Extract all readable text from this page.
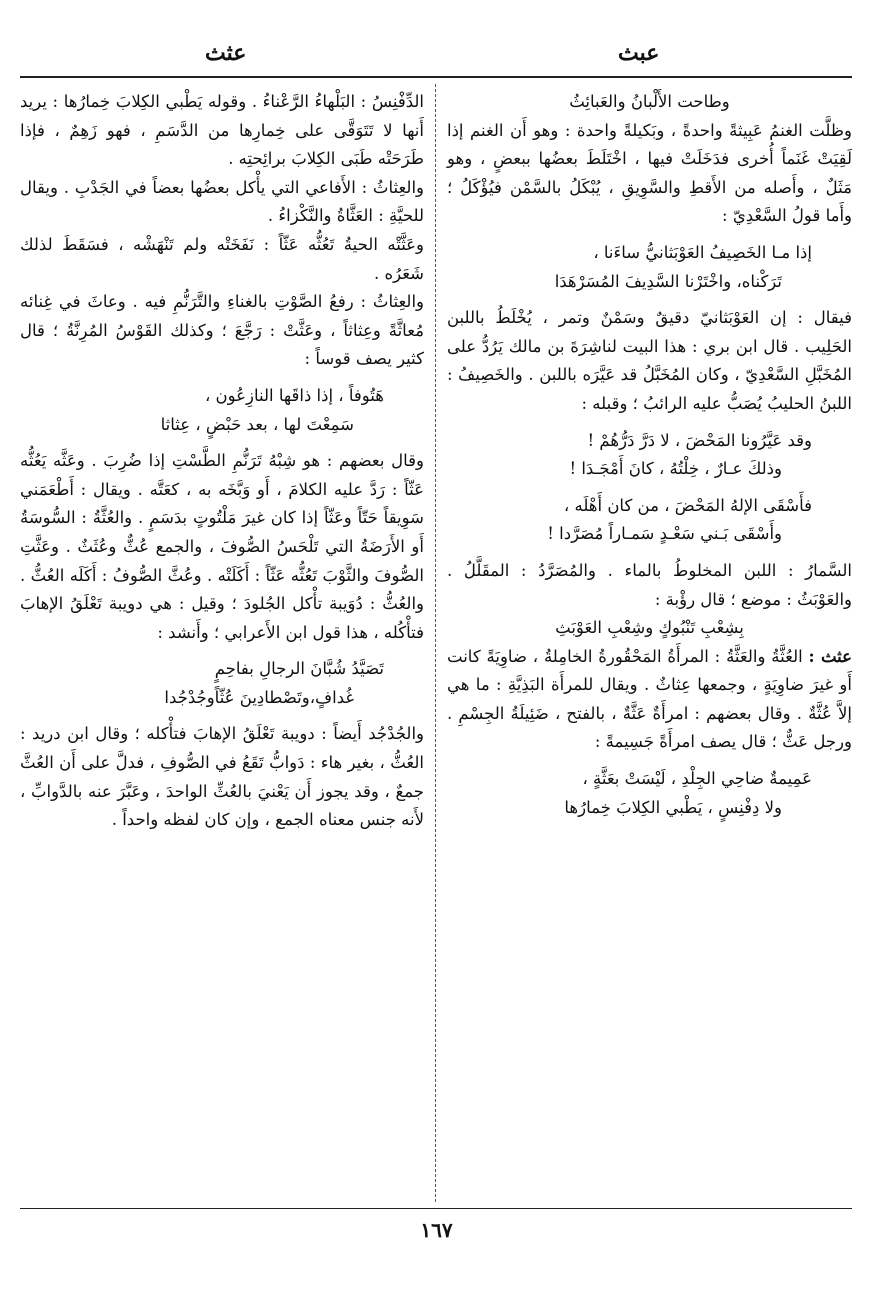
عبث
عثث

وطاحت الأَلْبانُ والعَبائِثُ

وظلَّت الغنمُ عَبِيثةً واحدةً ، وبَكيلةً واحدة : وهو أَن الغنم إذا لَقِيَتْ غَنَماً أُخرى فدَخَلَتْ فيها ، اخْتَلَطَ بعضُها ببعضٍ ، وهو مَثَلٌ ، وأَصله من الأَقطِ والسَّوِيقِ ، يُبْكَلُ بالسَّمْن فيُؤْكَلُ ؛ وأَما قولُ السَّعْدِيّ :

إذا مـا الخَصِيفُ العَوْبَثانيُّ ساءَنا ،
تَرَكْناه، واخْتَرْنا السَّدِيفَ المُسَرْهَدَا

فيقال : إن العَوْبَثانيّ دقيقٌ وسَمْنٌ وتمر ، يُخْلَطُ باللبن الحَلِيب . قال ابن بري : هذا البيت لناشِرَةَ بن مالك يَرُدُّ على المُخَبَّلِ السَّعْدِيّ ، وكان المُخَبَّلُ قد عَيَّرَه باللبن . والخَصِيفُ : اللبنُ الحليبُ يُصَبُّ عليه الرائبُ ؛ وقبله :

وقد عَيَّرُونا المَحْضَ ، لا دَرَّ دَرُّهُمْ !
وذلكَ عـارٌ ، خِلْتُهُ ، كانَ أَمْجَـدَا !
فأَسْقَى الإلهُ المَحْضَ ، من كان أَهْلَه ،
وأَسْقَى بَـني سَعْـدٍ سَمـاراً مُصَرَّدا !

السَّمارُ : اللبن المخلوطُ بالماء . والمُصَرَّدُ : المقَلَّلُ . والعَوْبَثُ : موضع ؛ قال رؤْبة :

بِشِعْبِ تَنْبُوكٍ وشِعْبِ العَوْبَثِ

عثث : العُثَّةُ والعَثَّةُ : المرأَةُ المَحْقُورةُ الخامِلةُ ، ضاوِيَةً كانت أَو غيرَ ضاوِيَةٍ ، وجمعها عِثاثٌ . ويقال للمرأَة البَذِيَّةِ : ما هي إلاَّ عُثَّةٌ . وقال بعضهم : امرأَةٌ عَثَّةٌ ، بالفتح ، ضَئِيلَةُ الجِسْمِ . ورجل عَثٌّ ؛ قال يصف امرأَةً جَسِيمةً :

عَمِيمةٌ ضاحِي الجِلْدِ ، لَيْسَتْ بعَثَّةٍ ،
ولا دِفْنِسٍ ، يَطْبي الكِلابَ خِمارُها

الدِّفْنِسُ : البَلْهاءُ الرَّعْناءُ . وقوله يَطْبي الكِلابَ خِمارُها : يريد أَنها لا تَتَوَقَّى على خِمارِها من الدَّسَمِ ، فهو زَهِمٌ ، فإذا طَرَحَتْه طَبَى الكِلابَ برائِحتِه .

والعِثاثُ : الأَفاعي التي يأْكل بعضُها بعضاً في الجَدْبِ . ويقال للحيَّةِ : العَثَّاةُ والنَّكْزاءُ .

وعَثَّتْه الحيةُ تَعُثُّه عَثّاً : نَفَخَتْه ولم تَنْهَشْه ، فسَقَطَ لذلك شَعَرُه .

والعِثاثُ : رفعُ الصَّوْتِ بالغناءِ والتَّرَنُّمِ فيه . وعاثَ في غِنائه مُعاثَّةً وعِثاثاً ، وعَثَّتْ : رَجَّعَ ؛ وكذلك القَوْسُ المُرِنَّةُ ؛ قال كثير يصف قوساً :

هَتُوفاً ، إذا ذاقَها النازِعُون ،
سَمِعْتَ لها ، بعد حَبْضٍ ، عِثاثا

وقال بعضهم : هو شِبْهُ تَرَنُّمِ الطَّسْتِ إذا ضُرِبَ . وعَثَّه يَعُثُّه عَثّاً : رَدَّ عليه الكلامَ ، أَو وَبَّخَه به ، كعَتَّه . ويقال : أَطْعَمَني سَوِيقاً حَتّاً وعَثّاً إذا كان غيرَ مَلْتُوتٍ بدَسَمٍ . والعُثَّةُ : السُّوسَةُ أَو الأَرَضَةُ التي تَلْحَسُ الصُّوفَ ، والجمع عُثٌّ وعُثَثٌ . وعَثَّتِ الصُّوفَ والثَّوْبَ تَعُثُّه عَثّاً : أَكَلَتْه . وعُثَّ الصُّوفُ : أَكَلَه العُثُّ . والعُثُّ : دُوَيبة تأْكل الجُلودَ ؛ وقيل : هي دويبة تَعْلَقُ الإهابَ فتأْكُله ، هذا قول ابن الأَعرابي ؛ وأَنشد :

تَصَيَّدُ شُبَّانَ الرجالِ بفاحِمٍ
غُدافٍ،وتَصْطادِينَ عُثّاًوجُدْجُدا

والجُدْجُد أَيضاً : دويبة تَعْلَقُ الإهابَ فتأْكله ؛ وقال ابن دريد : العُثُّ ، بغير هاء : دَوابُّ تَقَعُ في الصُّوفِ ، فدلَّ على أَن العُثَّ جمعٌ ، وقد يجوز أَن يَعْنيَ بالعُثِّ الواحدَ ، وعَبَّرَ عنه بالدَّوابِّ ، لأَنه جنس معناه الجمع ، وإن كان لفظه واحداً .

١٦٧
